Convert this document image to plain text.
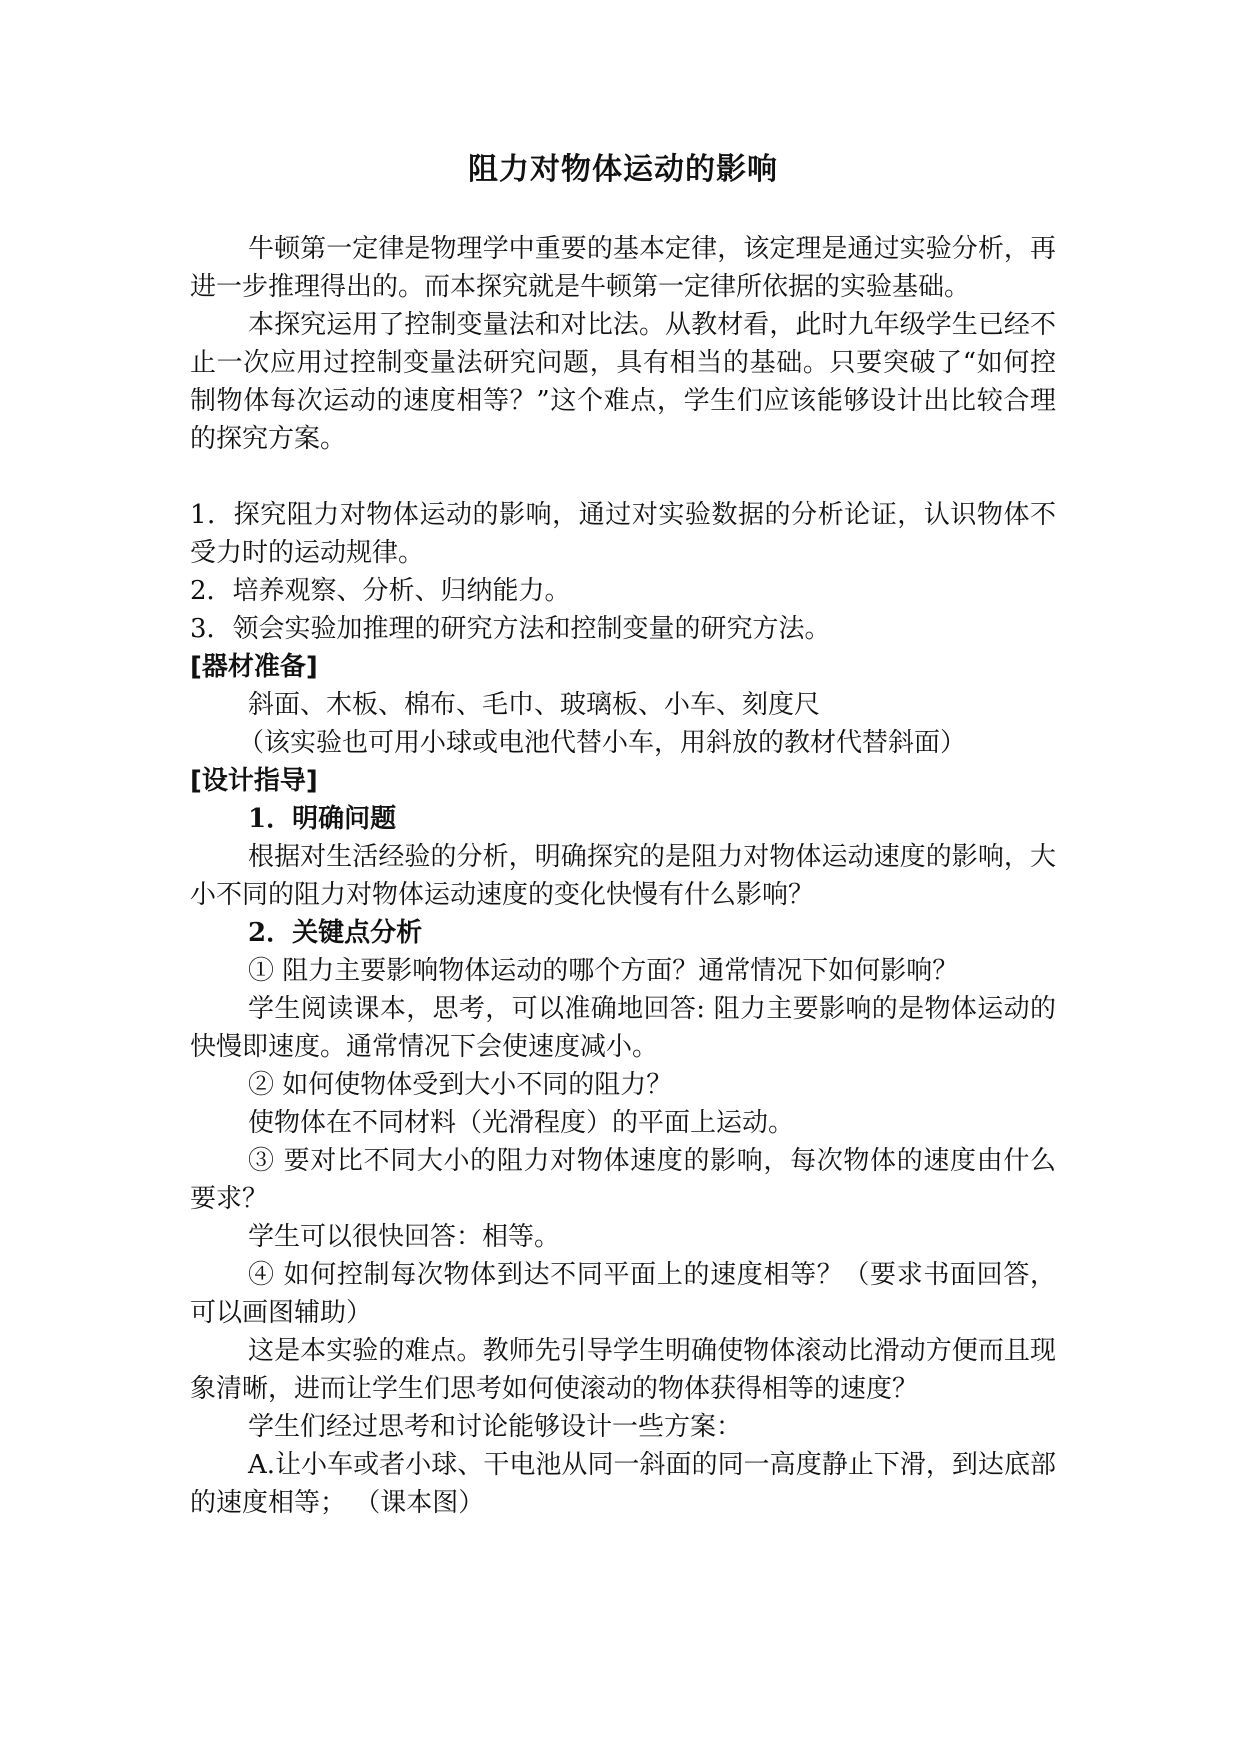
阻力对物体运动的影响

牛顿第一定律是物理学中重要的基本定律，该定理是通过实验分析，再进一步推理得出的。而本探究就是牛顿第一定律所依据的实验基础。

本探究运用了控制变量法和对比法。从教材看，此时九年级学生已经不止一次应用过控制变量法研究问题，具有相当的基础。只要突破了“如何控制物体每次运动的速度相等？”这个难点，学生们应该能够设计出比较合理的探究方案。

1．探究阻力对物体运动的影响，通过对实验数据的分析论证，认识物体不受力时的运动规律。

2．培养观察、分析、归纳能力。

3．领会实验加推理的研究方法和控制变量的研究方法。

[器材准备]

斜面、木板、棉布、毛巾、玻璃板、小车、刻度尺

（该实验也可用小球或电池代替小车，用斜放的教材代替斜面）

[设计指导]

1．明确问题

根据对生活经验的分析，明确探究的是阻力对物体运动速度的影响，大小不同的阻力对物体运动速度的变化快慢有什么影响？

2．关键点分析

① 阻力主要影响物体运动的哪个方面？通常情况下如何影响？

学生阅读课本，思考，可以准确地回答: 阻力主要影响的是物体运动的快慢即速度。通常情况下会使速度减小。

② 如何使物体受到大小不同的阻力？

使物体在不同材料（光滑程度）的平面上运动。

③ 要对比不同大小的阻力对物体速度的影响，每次物体的速度由什么要求？

学生可以很快回答：相等。

④ 如何控制每次物体到达不同平面上的速度相等？（要求书面回答，可以画图辅助）

这是本实验的难点。教师先引导学生明确使物体滚动比滑动方便而且现象清晰，进而让学生们思考如何使滚动的物体获得相等的速度？

学生们经过思考和讨论能够设计一些方案：

A.让小车或者小球、干电池从同一斜面的同一高度静止下滑，到达底部的速度相等； （课本图）
